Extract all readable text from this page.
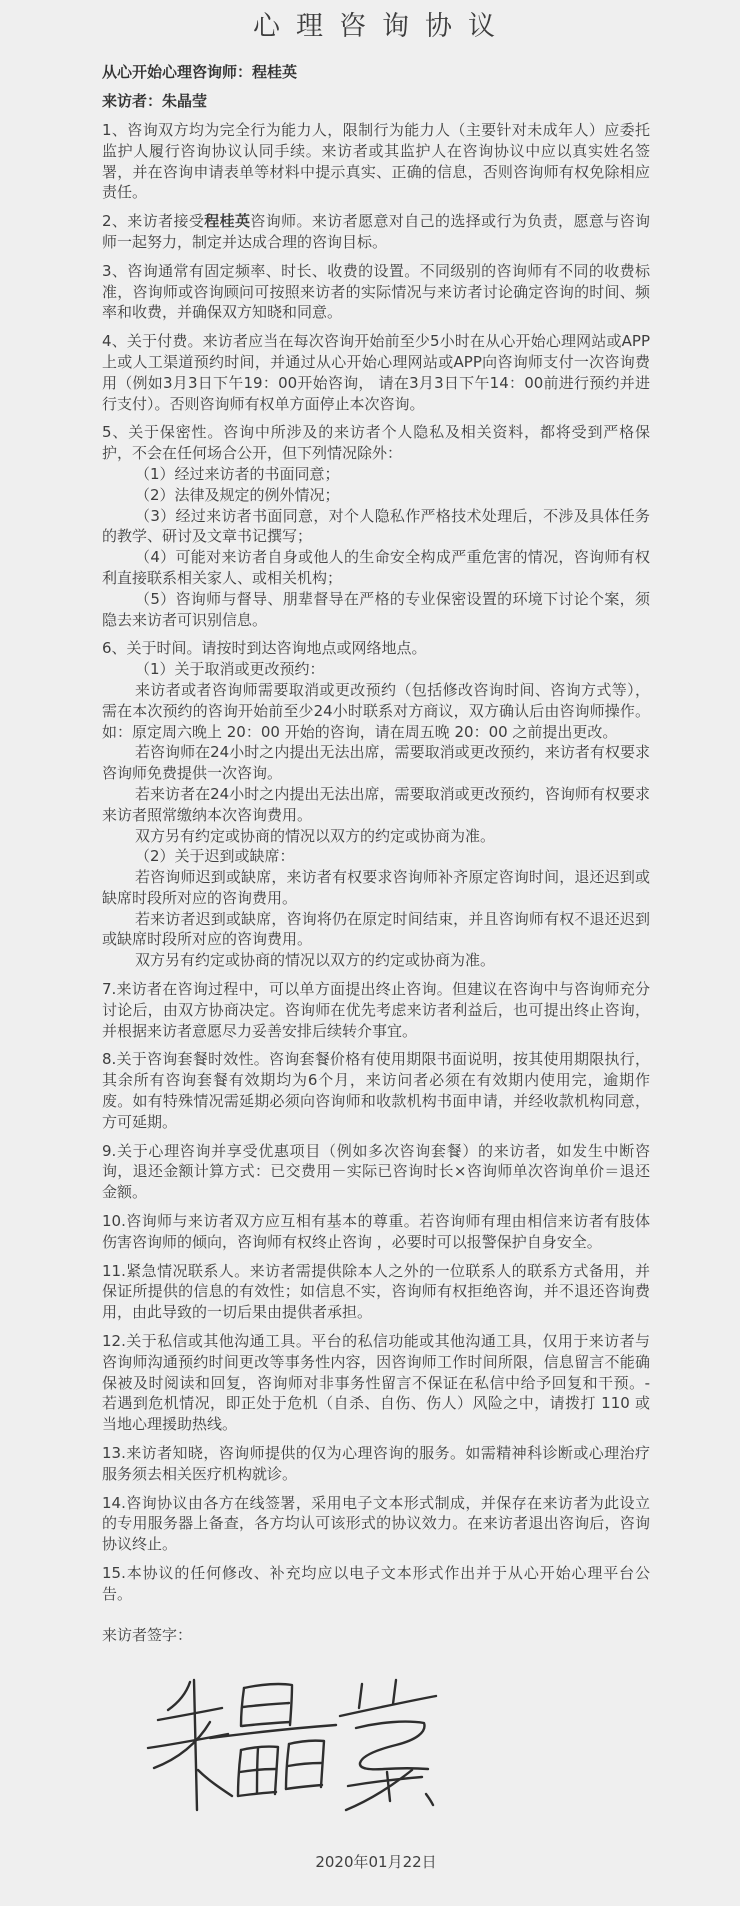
心理咨询协议

从心开始心理咨询师：程桂英

来访者：朱晶莹

1、咨询双方均为完全行为能力人，限制行为能力人（主要针对未成年人）应委托监护人履行咨询协议认同手续。来访者或其监护人在咨询协议中应以真实姓名签署，并在咨询申请表单等材料中提示真实、正确的信息，否则咨询师有权免除相应责任。

2、来访者接受程桂英咨询师。来访者愿意对自己的选择或行为负责，愿意与咨询师一起努力，制定并达成合理的咨询目标。

3、咨询通常有固定频率、时长、收费的设置。不同级别的咨询师有不同的收费标准，咨询师或咨询顾问可按照来访者的实际情况与来访者讨论确定咨询的时间、频率和收费，并确保双方知晓和同意。

4、关于付费。来访者应当在每次咨询开始前至少5小时在从心开始心理网站或APP上或人工渠道预约时间，并通过从心开始心理网站或APP向咨询师支付一次咨询费用（例如3月3日下午19：00开始咨询， 请在3月3日下午14：00前进行预约并进行支付）。否则咨询师有权单方面停止本次咨询。

5、关于保密性。咨询中所涉及的来访者个人隐私及相关资料，都将受到严格保护，不会在任何场合公开，但下列情况除外：

（1）经过来访者的书面同意；

（2）法律及规定的例外情况；

（3）经过来访者书面同意，对个人隐私作严格技术处理后，不涉及具体任务的教学、研讨及文章书记撰写；

（4）可能对来访者自身或他人的生命安全构成严重危害的情况，咨询师有权利直接联系相关家人、或相关机构；

（5）咨询师与督导、朋辈督导在严格的专业保密设置的环境下讨论个案，须隐去来访者可识别信息。

6、关于时间。请按时到达咨询地点或网络地点。

（1）关于取消或更改预约：

来访者或者咨询师需要取消或更改预约（包括修改咨询时间、咨询方式等），需在本次预约的咨询开始前至少24小时联系对方商议，双方确认后由咨询师操作。如：原定周六晚上 20：00 开始的咨询，请在周五晚 20：00 之前提出更改。

若咨询师在24小时之内提出无法出席，需要取消或更改预约，来访者有权要求咨询师免费提供一次咨询。

若来访者在24小时之内提出无法出席，需要取消或更改预约，咨询师有权要求来访者照常缴纳本次咨询费用。

双方另有约定或协商的情况以双方的约定或协商为准。

（2）关于迟到或缺席：

若咨询师迟到或缺席，来访者有权要求咨询师补齐原定咨询时间，退还迟到或缺席时段所对应的咨询费用。

若来访者迟到或缺席，咨询将仍在原定时间结束，并且咨询师有权不退还迟到或缺席时段所对应的咨询费用。

双方另有约定或协商的情况以双方的约定或协商为准。

7.来访者在咨询过程中，可以单方面提出终止咨询。但建议在咨询中与咨询师充分讨论后，由双方协商决定。咨询师在优先考虑来访者利益后，也可提出终止咨询，并根据来访者意愿尽力妥善安排后续转介事宜。

8.关于咨询套餐时效性。咨询套餐价格有使用期限书面说明，按其使用期限执行，其余所有咨询套餐有效期均为6个月，来访问者必须在有效期内使用完，逾期作废。如有特殊情况需延期必须向咨询师和收款机构书面申请，并经收款机构同意，方可延期。

9.关于心理咨询并享受优惠项目（例如多次咨询套餐）的来访者，如发生中断咨询，退还金额计算方式：已交费用－实际已咨询时长×咨询师单次咨询单价＝退还金额。

10.咨询师与来访者双方应互相有基本的尊重。若咨询师有理由相信来访者有肢体伤害咨询师的倾向，咨询师有权终止咨询 ，必要时可以报警保护自身安全。

11.紧急情况联系人。来访者需提供除本人之外的一位联系人的联系方式备用，并保证所提供的信息的有效性；如信息不实，咨询师有权拒绝咨询，并不退还咨询费用，由此导致的一切后果由提供者承担。

12.关于私信或其他沟通工具。平台的私信功能或其他沟通工具，仅用于来访者与咨询师沟通预约时间更改等事务性内容，因咨询师工作时间所限，信息留言不能确保被及时阅读和回复，咨询师对非事务性留言不保证在私信中给予回复和干预。- 若遇到危机情况，即正处于危机（自杀、自伤、伤人）风险之中，请拨打 110 或当地心理援助热线。

13.来访者知晓，咨询师提供的仅为心理咨询的服务。如需精神科诊断或心理治疗服务须去相关医疗机构就诊。

14.咨询协议由各方在线签署，采用电子文本形式制成，并保存在来访者为此设立的专用服务器上备查，各方均认可该形式的协议效力。在来访者退出咨询后，咨询协议终止。

15.本协议的任何修改、补充均应以电子文本形式作出并于从心开始心理平台公告。

来访者签字：

2020年01月22日
